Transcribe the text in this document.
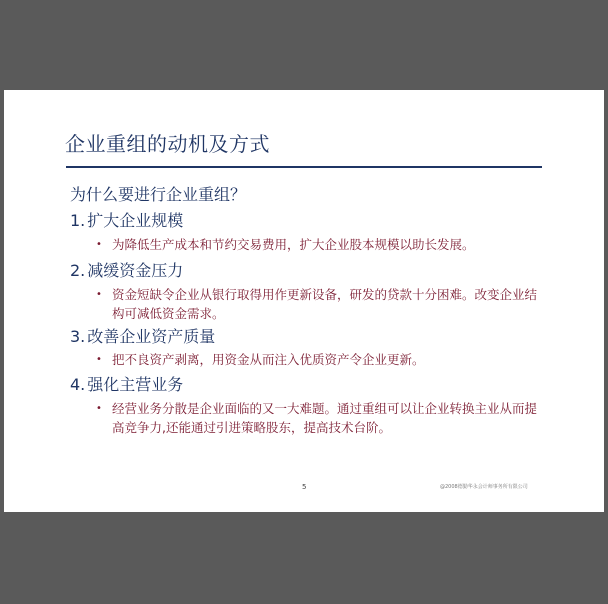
企业重组的动机及方式
为什么要进行企业重组？
1. 扩大企业规模
• 为降低生产成本和节约交易费用，扩大企业股本规模以助长发展。
2. 减缓资金压力
• 资金短缺令企业从银行取得用作更新设备，研发的贷款十分困难。改变企业结构可减低资金需求。
3. 改善企业资产质量
• 把不良资产剥离，用资金从而注入优质资产令企业更新。
4. 强化主营业务
• 经营业务分散是企业面临的又一大难题。通过重组可以让企业转换主业从而提高竞争力,还能通过引进策略股东，提高技术台阶。
5	@2008德勤华永会计师事务所有限公司
